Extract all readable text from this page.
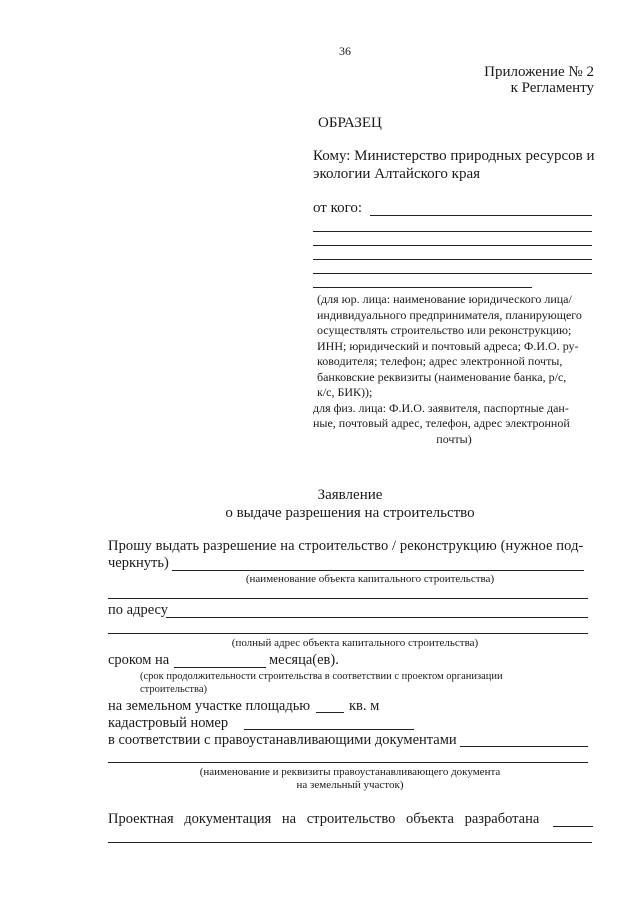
36
Приложение № 2
к Регламенту
ОБРАЗЕЦ
Кому: Министерство природных ресурсов и
экологии Алтайского края
от кого:
(для юр. лица: наименование юридического лица/
индивидуального предпринимателя, планирующего
осуществлять строительство или реконструкцию;
ИНН; юридический и почтовый адреса; Ф.И.О. ру-
ководителя; телефон; адрес электронной почты,
банковские реквизиты (наименование банка, р/с,
к/с, БИК));
для физ. лица: Ф.И.О. заявителя, паспортные дан-
ные, почтовый адрес, телефон, адрес электронной
почты)
Заявление
о выдаче разрешения на строительство
Прошу выдать разрешение на строительство / реконструкцию (нужное под-
черкнуть)
(наименование объекта капитального строительства)
по адресу
(полный адрес объекта капитального строительства)
сроком на	месяца(ев).
(срок продолжительности строительства в соответствии с проектом организации
строительства)
на земельном участке площадью	кв. м
кадастровый номер
в соответствии с правоустанавливающими документами
(наименование и реквизиты правоустанавливающего документа
на земельный участок)
Проектная документация на строительство объекта разработана
